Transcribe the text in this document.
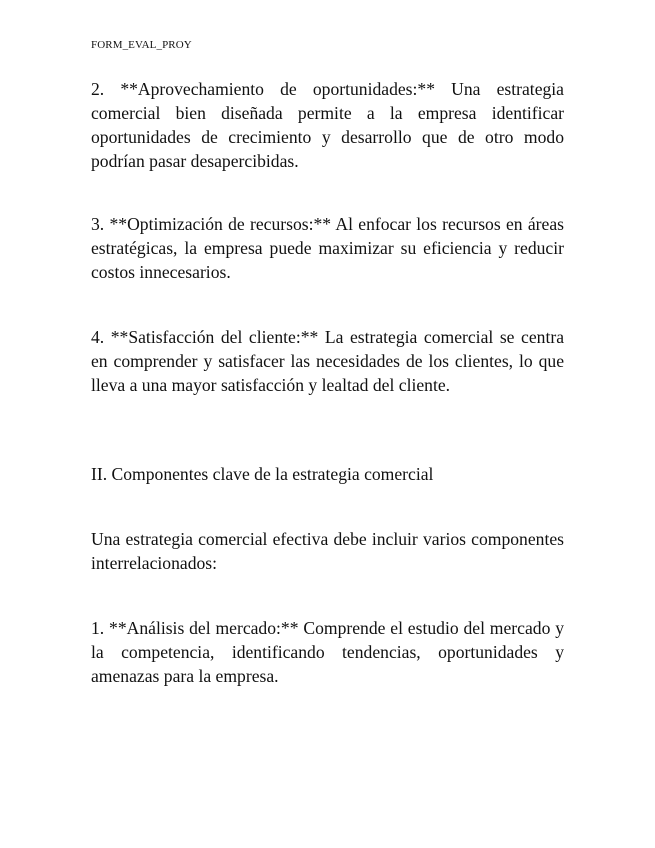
FORM_EVAL_PROY

2. **Aprovechamiento de oportunidades:** Una estrategia comercial bien diseñada permite a la empresa identificar oportunidades de crecimiento y desarrollo que de otro modo podrían pasar desapercibidas.

3. **Optimización de recursos:** Al enfocar los recursos en áreas estratégicas, la empresa puede maximizar su eficiencia y reducir costos innecesarios.

4. **Satisfacción del cliente:** La estrategia comercial se centra en comprender y satisfacer las necesidades de los clientes, lo que lleva a una mayor satisfacción y lealtad del cliente.

II. Componentes clave de la estrategia comercial

Una estrategia comercial efectiva debe incluir varios componentes interrelacionados:

1. **Análisis del mercado:** Comprende el estudio del mercado y la competencia, identificando tendencias, oportunidades y amenazas para la empresa.
